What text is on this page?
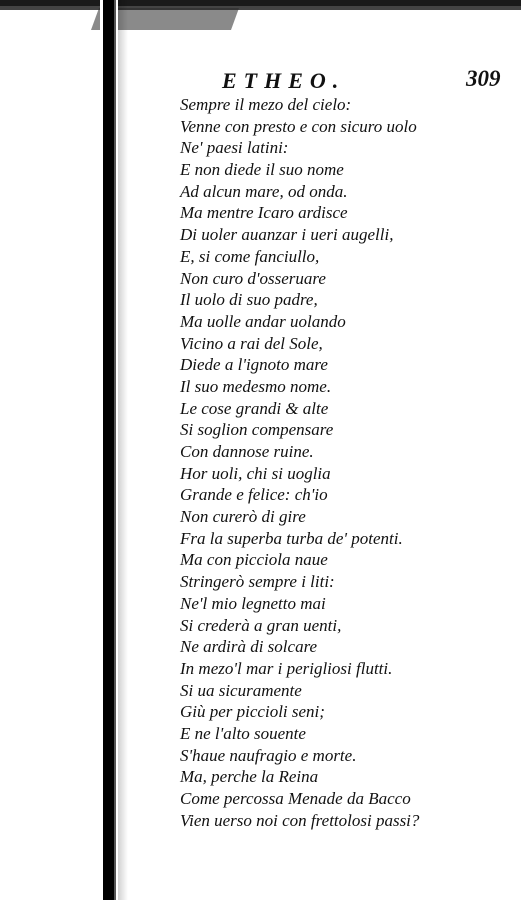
ETHEO.	309
Sempre il mezo del cielo:
Venne con presto e con sicuro uolo
Ne' paesi latini:
E non diede il suo nome
Ad alcun mare, od onda.
Ma mentre Icaro ardisce
Di uoler auanzar i ueri augelli,
E, si come fanciullo,
Non curo d'osseruare
Il uolo di suo padre,
Ma uolle andar uolando
Vicino a rai del Sole,
Diede a l'ignoto mare
Il suo medesmo nome.
Le cose grandi & alte
Si soglion compensare
Con dannose ruine.
Hor uoli, chi si uoglia
Grande e felice: ch'io
Non curerò di gire
Fra la superba turba de' potenti.
Ma con picciola naue
Stringerò sempre i liti:
Ne'l mio legnetto mai
Si crederà a gran uenti,
Ne ardirà di solcare
In mezo'l mar i perigliosi flutti.
Si ua sicuramente
Giù per piccioli seni;
E ne l'alto souente
S'haue naufragio e morte.
Ma, perche la Reina
Come percossa Menade da Bacco
Vien uerso noi con frettolosi passi?
